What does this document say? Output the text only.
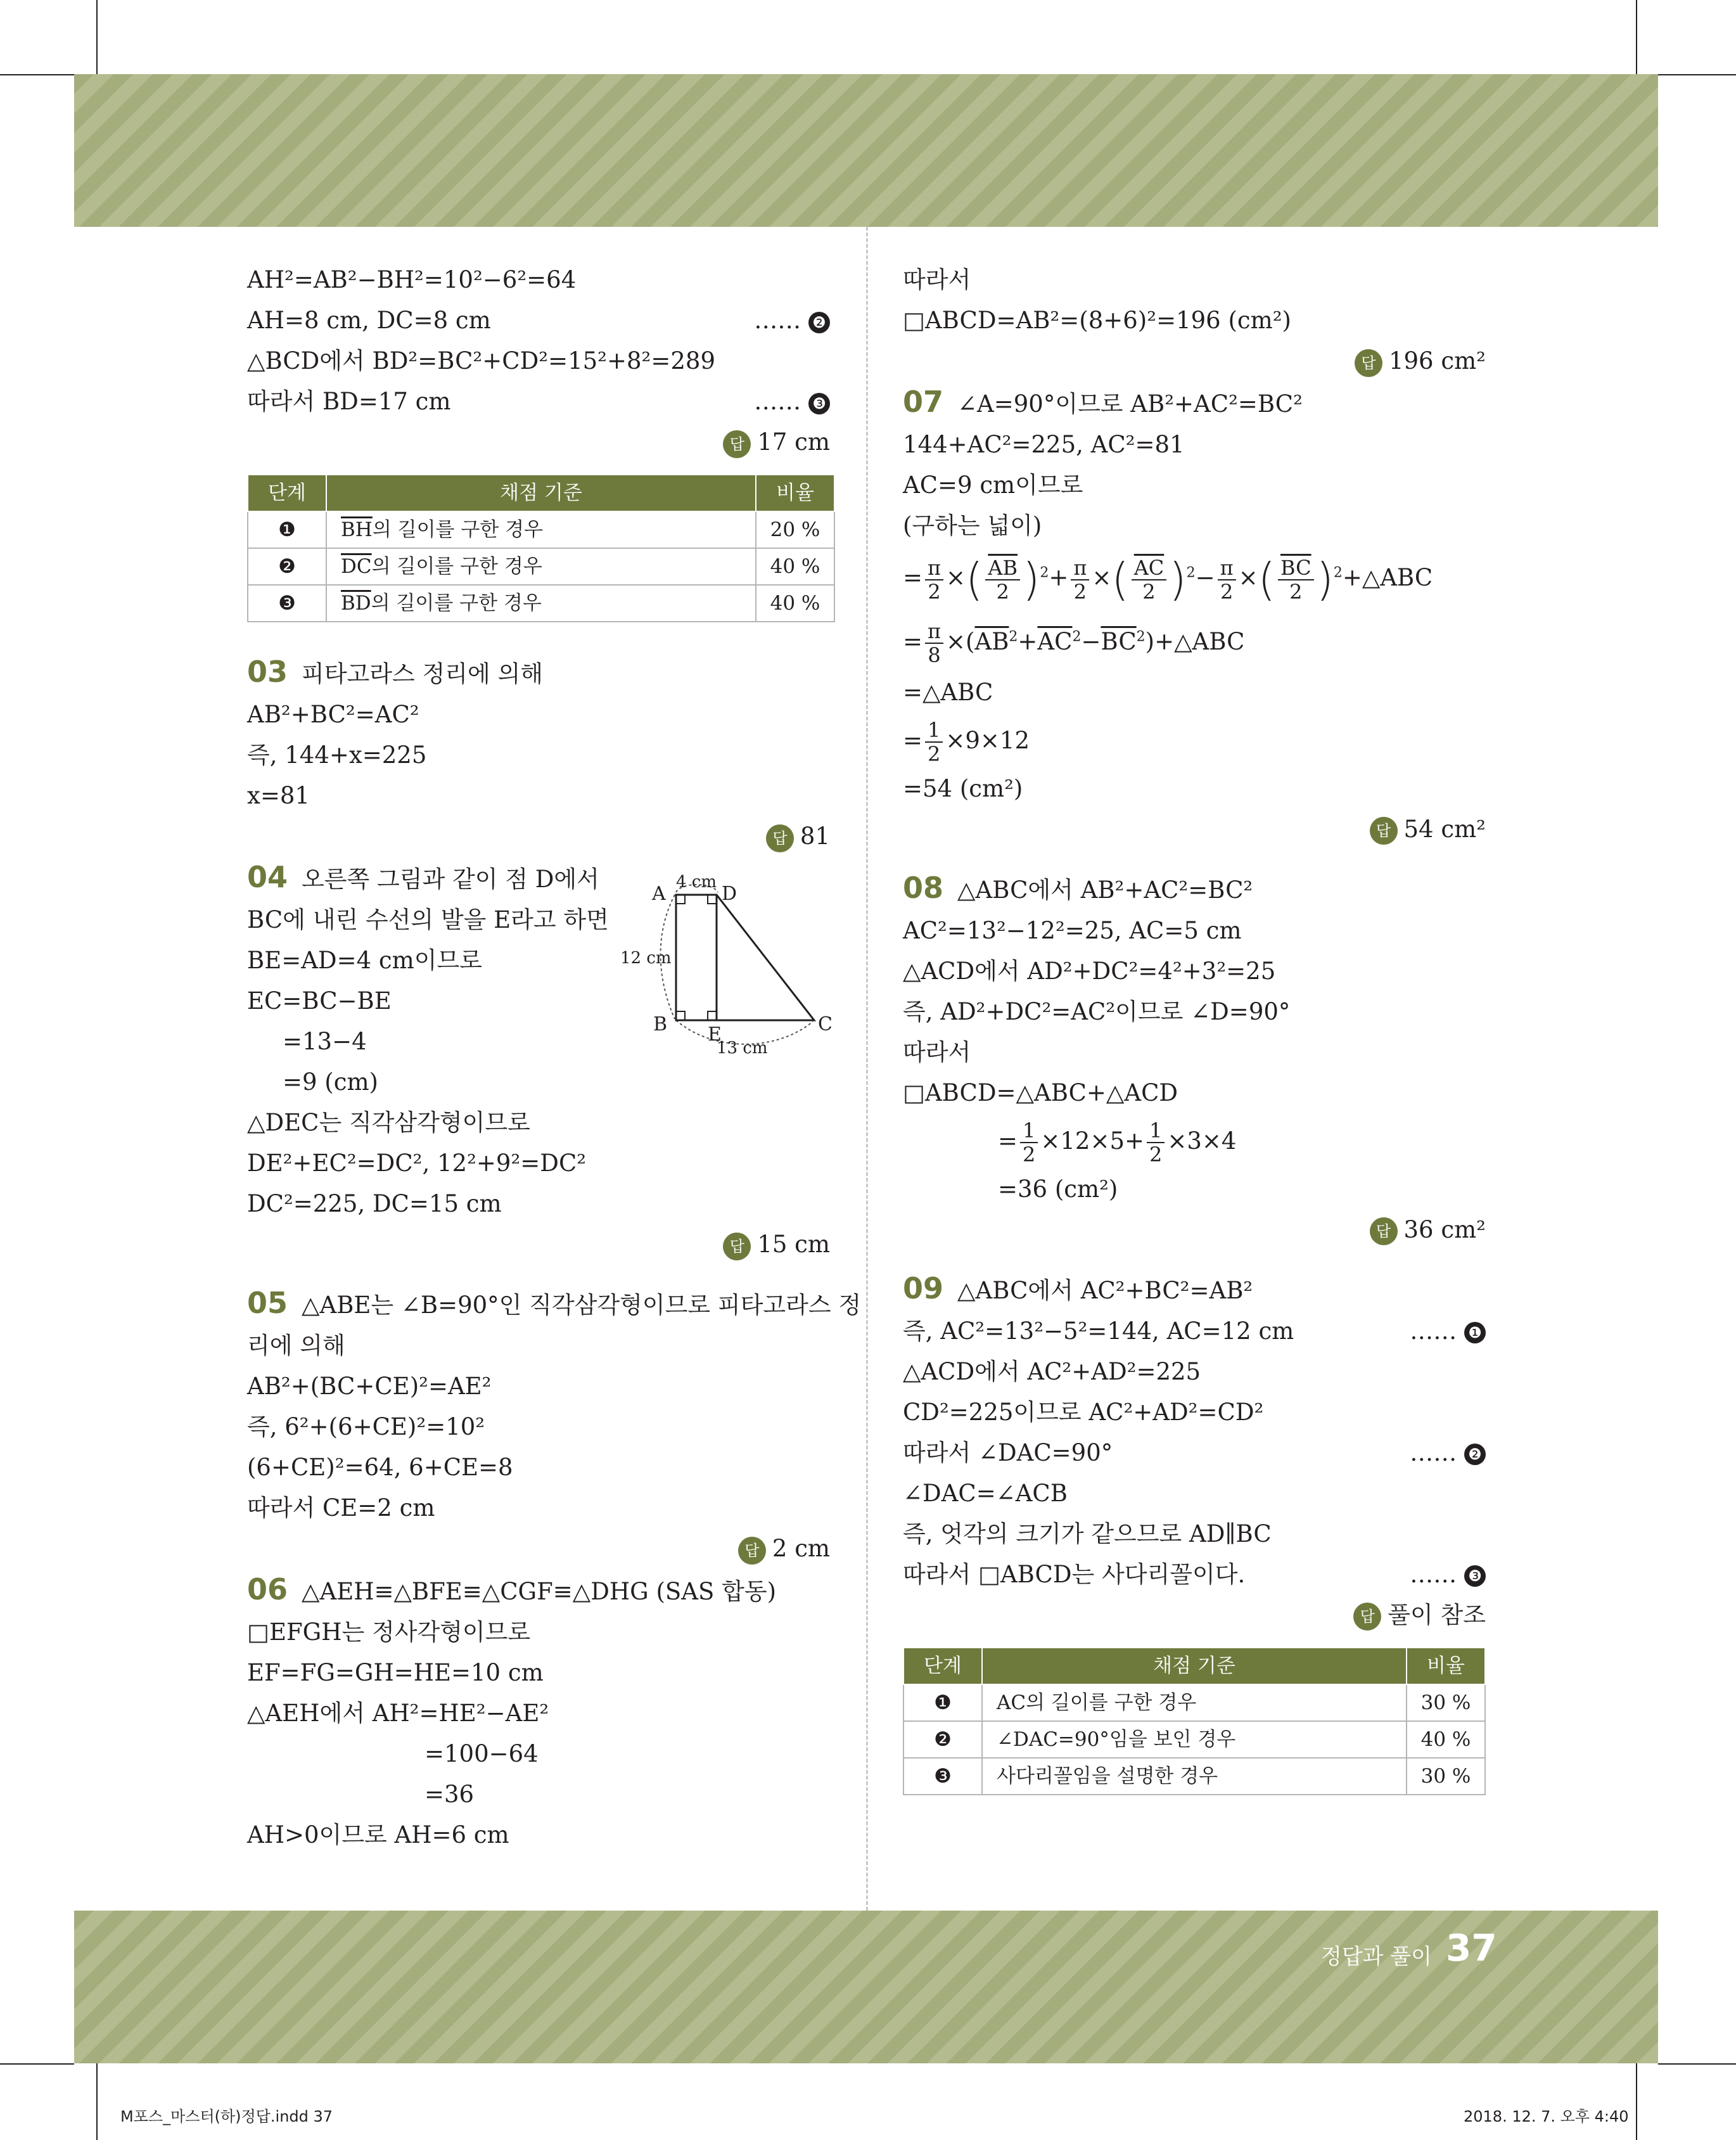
AH²=AB²−BH²=10²−6²=64
AH=8 cm, DC=8 cm	…… ❷
△BCD에서 BD²=BC²+CD²=15²+8²=289
따라서 BD=17 cm	…… ❸
답 17 cm
단계	채점 기준	비율
❶	$\overline{BH}$의 길이를 구한 경우	20 %
❷	$\overline{DC}$의 길이를 구한 경우	40 %
❸	$\overline{BD}$의 길이를 구한 경우	40 %
03 피타고라스 정리에 의해
AB²+BC²=AC²
즉, 144+x=225
x=81
답 81
04 오른쪽 그림과 같이 점 D에서
BC에 내린 수선의 발을 E라고 하면
BE=AD=4 cm이므로
EC=BC−BE
=13−4
=9 (cm)
△DEC는 직각삼각형이므로
DE²+EC²=DC², 12²+9²=DC²
DC²=225, DC=15 cm
답 15 cm
05 △ABE는 ∠B=90°인 직각삼각형이므로 피타고라스 정
리에 의해
AB²+(BC+CE)²=AE²
즉, 6²+(6+CE)²=10²
(6+CE)²=64, 6+CE=8
따라서 CE=2 cm
답 2 cm
06 △AEH≡△BFE≡△CGF≡△DHG (SAS 합동)
□EFGH는 정사각형이므로
EF=FG=GH=HE=10 cm
△AEH에서 AH²=HE²−AE²
=100−64
=36
AH>0이므로 AH=6 cm
A	D
B	C
E
4 cm
12 cm
13 cm
따라서
□ABCD=AB²=(8+6)²=196 (cm²)
답 196 cm²
07 ∠A=90°이므로 AB²+AC²=BC²
144+AC²=225, AC²=81
AC=9 cm이므로
(구하는 넓이)
= $\frac{\pi}{2}$ ×( $\frac{\overline{AB}}{2} )^2+ \frac{\pi}{2}$ ×( $\frac{\overline{AC}}{2} )^2- \frac{\pi}{2}$ ×( $\frac{\overline{BC}}{2}$ )$^2$+△ABC
= $\frac{\pi}{8}$ $\times(\overline{AB}^2+\overline{AC}^2-\overline{BC}^2)+\triangle ABC$
=△ABC
= $\frac{1}{2} \times 9\times 12$
=54 (cm²)
답 54 cm²
08 △ABC에서 AB²+AC²=BC²
AC²=13²−12²=25, AC=5 cm
△ACD에서 AD²+DC²=4²+3²=25
즉, AD²+DC²=AC²이므로 ∠D=90°
따라서
□ABCD=△ABC+△ACD
= $\frac{1}{2} \times 12\times 5+ \frac{1}{2} \times 3\times 4$
=36 (cm²)
답 36 cm²
09 △ABC에서 AC²+BC²=AB²
즉, AC²=13²−5²=144, AC=12 cm	…… ❶
△ACD에서 AC²+AD²=225
CD²=225이므로 AC²+AD²=CD²
따라서 ∠DAC=90°	…… ❷
∠DAC=∠ACB
즉, 엇각의 크기가 같으므로 AD∥BC
따라서 □ABCD는 사다리꼴이다.	…… ❸
답 풀이 참조
단계	채점 기준	비율
❶	AC의 길이를 구한 경우	30 %
❷	∠DAC=90°임을 보인 경우	40 %
❸	사다리꼴임을 설명한 경우	30 %
정답과 풀이 37
M포스_마스터(하)정답.indd 37	2018. 12. 7. 오후 4:40
